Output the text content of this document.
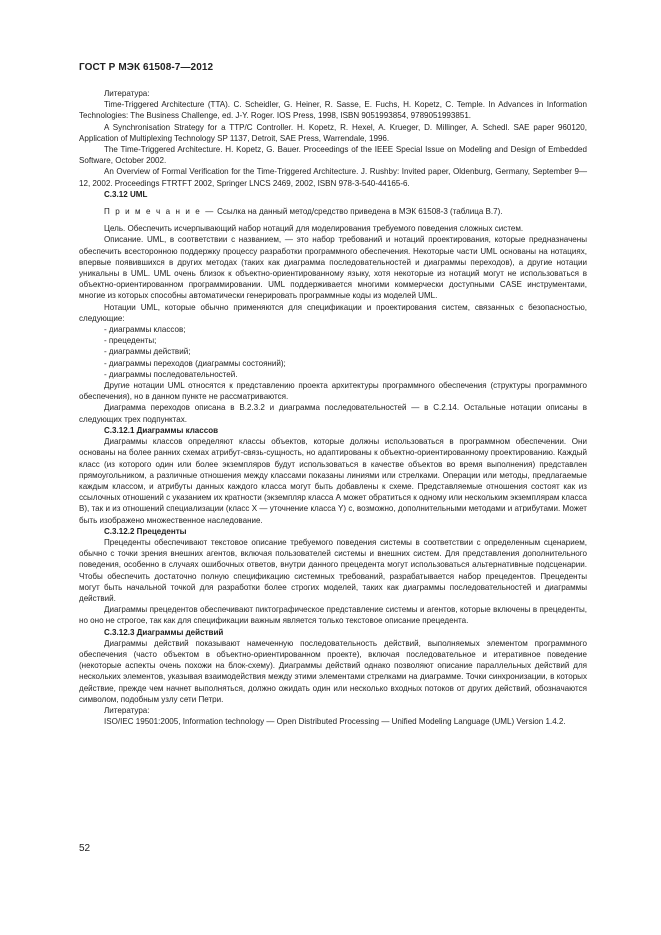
ГОСТ Р МЭК 61508-7—2012

Литература:

Time-Triggered Architecture (TTA). C. Scheidler, G. Heiner, R. Sasse, E. Fuchs, H. Kopetz, C. Temple. In Advances in Information Technologies: The Business Challenge, ed. J-Y. Roger. IOS Press, 1998, ISBN 9051993854, 9789051993851.

A Synchronisation Strategy for a TTP/C Controller. H. Kopetz, R. Hexel, A. Krueger, D. Millinger, A. Schedl. SAE paper 960120, Application of Multiplexing Technology SP 1137, Detroit, SAE Press, Warrendale, 1996.

The Time-Triggered Architecture. H. Kopetz, G. Bauer. Proceedings of the IEEE Special Issue on Modeling and Design of Embedded Software, October 2002.

An Overview of Formal Verification for the Time-Triggered Architecture. J. Rushby: Invited paper, Oldenburg, Germany, September 9—12, 2002. Proceedings FTRTFT 2002, Springer LNCS 2469, 2002, ISBN 978-3-540-44165-6.

C.3.12 UML

П р и м е ч а н и е — Ссылка на данный метод/средство приведена в МЭК 61508-3 (таблица В.7).

Цель. Обеспечить исчерпывающий набор нотаций для моделирования требуемого поведения сложных систем.

Описание. UML, в соответствии с названием, — это набор требований и нотаций проектирования, которые предназначены обеспечить всесторонною поддержку процессу разработки программного обеспечения. Некоторые части UML основаны на нотациях, впервые появившихся в других методах (таких как диаграмма последовательностей и диаграммы переходов), а другие нотации уникальны в UML. UML очень близок к объектно-ориентированному языку, хотя некоторые из нотаций могут не использоваться в объектно-ориентированном программировании. UML поддерживается многими коммерчески доступными CASE инструментами, многие из которых способны автоматически генерировать программные коды из моделей UML.

Нотации UML, которые обычно применяются для спецификации и проектирования систем, связанных с безопасностью, следующие:

- диаграммы классов;

- прецеденты;

- диаграммы действий;

- диаграммы переходов (диаграммы состояний);

- диаграммы последовательностей.

Другие нотации UML относятся к представлению проекта архитектуры программного обеспечения (структуры программного обеспечения), но в данном пункте не рассматриваются.

Диаграмма переходов описана в В.2.3.2 и диаграмма последовательностей — в С.2.14. Остальные нотации описаны в следующих трех подпунктах.

C.3.12.1 Диаграммы классов

Диаграммы классов определяют классы объектов, которые должны использоваться в программном обеспечении. Они основаны на более ранних схемах атрибут-связь-сущность, но адаптированы к объектно-ориентированному проектированию. Каждый класс (из которого один или более экземпляров будут использоваться в качестве объектов во время выполнения) представлен прямоугольником, а различные отношения между классами показаны линиями или стрелками. Операции или методы, предлагаемые каждым классом, и атрибуты данных каждого класса могут быть добавлены к схеме. Представляемые отношения состоят как из ссылочных отношений с указанием их кратности (экземпляр класса А может обратиться к одному или нескольким экземплярам класса В), так и из отношений специализации (класс X — уточнение класса Y) с, возможно, дополнительными методами и атрибутами. Может быть изображено множественное наследование.

C.3.12.2 Прецеденты

Прецеденты обеспечивают текстовое описание требуемого поведения системы в соответствии с определенным сценарием, обычно с точки зрения внешних агентов, включая пользователей системы и внешних систем. Для представления дополнительного поведения, особенно в случаях ошибочных ответов, внутри данного прецедента могут использоваться альтернативные подсценарии. Чтобы обеспечить достаточно полную спецификацию системных требований, разрабатывается набор прецедентов. Прецеденты могут быть начальной точкой для разработки более строгих моделей, таких как диаграммы последовательностей и диаграммы действий.

Диаграммы прецедентов обеспечивают пиктографическое представление системы и агентов, которые включены в прецеденты, но оно не строгое, так как для спецификации важным является только текстовое описание прецедента.

C.3.12.3 Диаграммы действий

Диаграммы действий показывают намеченную последовательность действий, выполняемых элементом программного обеспечения (часто объектом в объектно-ориентированном проекте), включая последовательное и итеративное поведение (некоторые аспекты очень похожи на блок-схему). Диаграммы действий однако позволяют описание параллельных действий для нескольких элементов, указывая взаимодействия между этими элементами стрелками на диаграмме. Точки синхронизации, в которых действие, прежде чем начнет выполняться, должно ожидать один или несколько входных потоков от других действий, обозначаются символом, подобным узлу сети Петри.

Литература:

ISO/IEC 19501:2005, Information technology — Open Distributed Processing — Unified Modeling Language (UML) Version 1.4.2.

52
